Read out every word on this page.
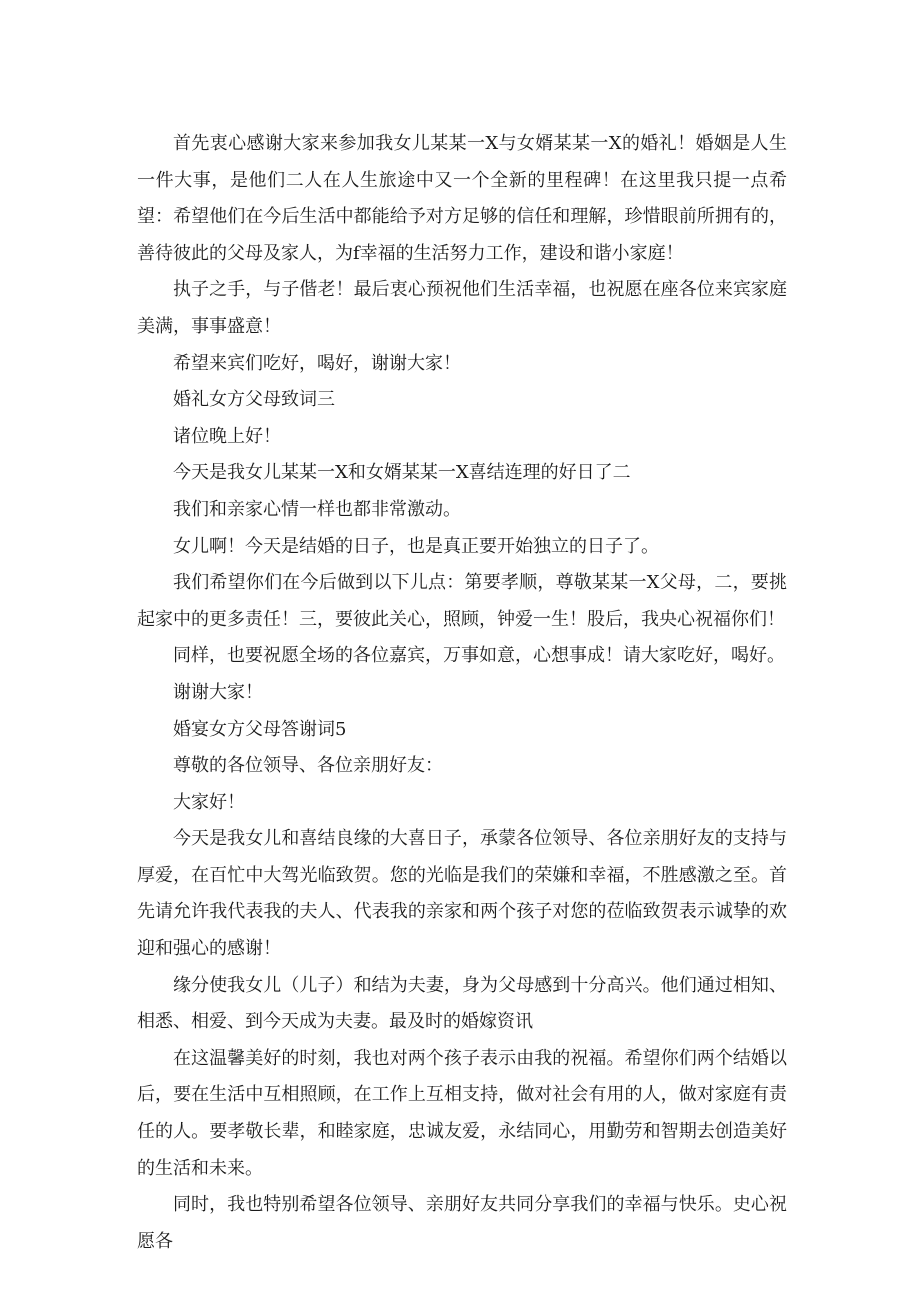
首先衷心感谢大家来参加我女儿某某一X与女婿某某一X的婚礼！婚姻是人生一件大事，是他们二人在人生旅途中又一个全新的里程碑！在这里我只提一点希望：希望他们在今后生活中都能给予对方足够的信任和理解，珍惜眼前所拥有的，善待彼此的父母及家人，为f幸福的生活努力工作，建设和谐小家庭！

执子之手，与子偕老！最后衷心预祝他们生活幸福，也祝愿在座各位来宾家庭美满，事事盛意！

希望来宾们吃好，喝好，谢谢大家！

婚礼女方父母致词三

诸位晚上好！

今天是我女儿某某一X和女婿某某一X喜结连理的好日了二

我们和亲家心情一样也都非常激动。

女儿啊！今天是结婚的日子，也是真正要开始独立的日子了。

我们希望你们在今后做到以下儿点：第要孝顺，尊敬某某一X父母，二，要挑起家中的更多责任！三，要彼此关心，照顾，钟爱一生！股后，我央心祝福你们！

同样，也要祝愿全场的各位嘉宾，万事如意，心想事成！请大家吃好，喝好。

谢谢大家！

婚宴女方父母答谢词5

尊敬的各位领导、各位亲朋好友：

大家好！

今天是我女儿和喜结良缘的大喜日子，承蒙各位领导、各位亲朋好友的支持与厚爱，在百忙中大驾光临致贺。您的光临是我们的荣嫌和幸福，不胜感激之至。首先请允许我代表我的夫人、代表我的亲家和两个孩子对您的莅临致贺表示诚挚的欢迎和强心的感谢！

缘分使我女儿（儿子）和结为夫妻，身为父母感到十分高兴。他们通过相知、相悉、相爱、到今天成为夫妻。最及时的婚嫁资讯

在这温馨美好的时刻，我也对两个孩子表示由我的祝福。希望你们两个结婚以后，要在生活中互相照顾，在工作上互相支持，做对社会有用的人，做对家庭有责任的人。要孝敬长辈，和睦家庭，忠诚友爱，永结同心，用勤劳和智期去创造美好的生活和未来。

同时，我也特别希望各位领导、亲朋好友共同分享我们的幸福与快乐。史心祝愿各
